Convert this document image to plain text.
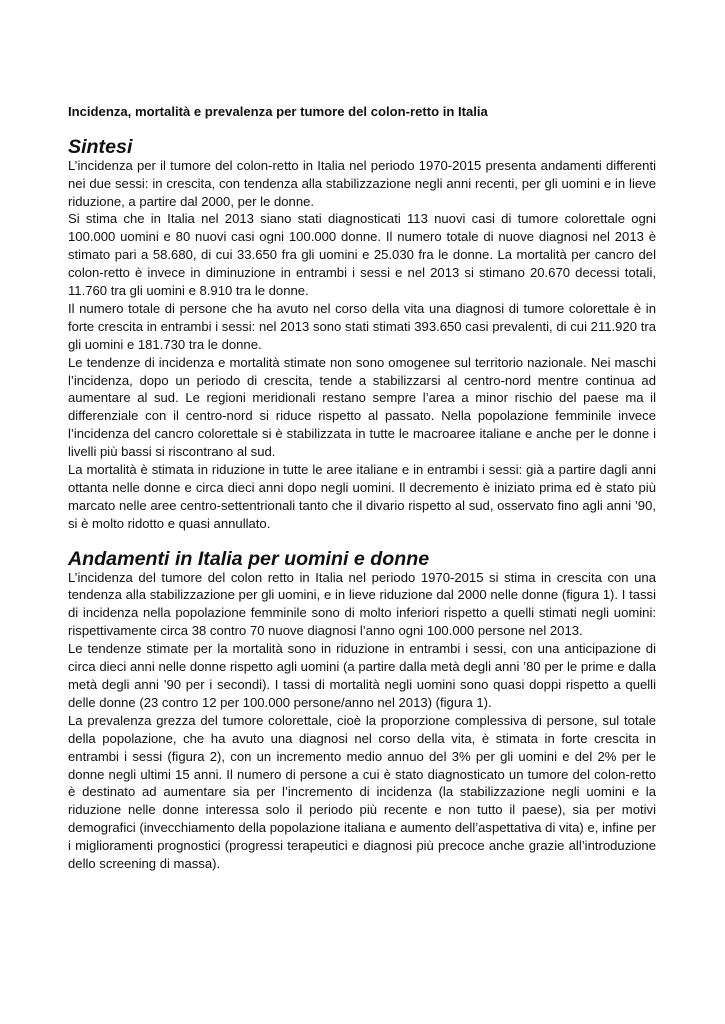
Incidenza, mortalità e prevalenza per tumore del colon-retto in Italia
Sintesi

L’incidenza per il tumore del colon-retto in Italia nel periodo 1970-2015 presenta andamenti differenti nei due sessi: in crescita, con tendenza alla stabilizzazione negli anni recenti, per gli uomini e in lieve riduzione, a partire dal 2000, per le donne.

Si stima che in Italia nel 2013 siano stati diagnosticati 113 nuovi casi di tumore colorettale ogni 100.000 uomini e 80 nuovi casi ogni 100.000 donne. Il numero totale di nuove diagnosi nel 2013 è stimato pari a 58.680, di cui 33.650 fra gli uomini e 25.030 fra le donne. La mortalità per cancro del colon-retto è invece in diminuzione in entrambi i sessi e nel 2013 si stimano 20.670 decessi totali, 11.760 tra gli uomini e 8.910 tra le donne.

Il numero totale di persone che ha avuto nel corso della vita una diagnosi di tumore colorettale è in forte crescita in entrambi i sessi: nel 2013 sono stati stimati 393.650 casi prevalenti, di cui 211.920 tra gli uomini e 181.730 tra le donne.

Le tendenze di incidenza e mortalità stimate non sono omogenee sul territorio nazionale. Nei maschi l’incidenza, dopo un periodo di crescita, tende a stabilizzarsi al centro-nord mentre continua ad aumentare al sud. Le regioni meridionali restano sempre l’area a minor rischio del paese ma il differenziale con il centro-nord si riduce rispetto al passato. Nella popolazione femminile invece l’incidenza del cancro colorettale si è stabilizzata in tutte le macroaree italiane e anche per le donne i livelli più bassi si riscontrano al sud.

La mortalità è stimata in riduzione in tutte le aree italiane e in entrambi i sessi: già a partire dagli anni ottanta nelle donne e circa dieci anni dopo negli uomini. Il decremento è iniziato prima ed è stato più marcato nelle aree centro-settentrionali tanto che il divario rispetto al sud, osservato fino agli anni ’90, si è molto ridotto e quasi annullato.

Andamenti in Italia per uomini e donne

L’incidenza del tumore del colon retto in Italia nel periodo 1970-2015 si stima in crescita con una tendenza alla stabilizzazione per gli uomini, e in lieve riduzione dal 2000 nelle donne (figura 1). I tassi di incidenza nella popolazione femminile sono di molto inferiori rispetto a quelli stimati negli uomini: rispettivamente circa 38 contro 70 nuove diagnosi l’anno ogni 100.000 persone nel 2013.

Le tendenze stimate per la mortalità sono in riduzione in entrambi i sessi, con una anticipazione di circa dieci anni nelle donne rispetto agli uomini (a partire dalla metà degli anni ’80 per le prime e dalla metà degli anni ’90 per i secondi). I tassi di mortalità negli uomini sono quasi doppi rispetto a quelli delle donne (23 contro 12 per 100.000 persone/anno nel 2013) (figura 1).

La prevalenza grezza del tumore colorettale, cioè la proporzione complessiva di persone, sul totale della popolazione, che ha avuto una diagnosi nel corso della vita, è stimata in forte crescita in entrambi i sessi (figura 2), con un incremento medio annuo del 3% per gli uomini e del 2% per le donne negli ultimi 15 anni. Il numero di persone a cui è stato diagnosticato un tumore del colon-retto è destinato ad aumentare sia per l’incremento di incidenza (la stabilizzazione negli uomini e la riduzione nelle donne interessa solo il periodo più recente e non tutto il paese), sia per motivi demografici (invecchiamento della popolazione italiana e aumento dell’aspettativa di vita) e, infine per i miglioramenti prognostici (progressi terapeutici e diagnosi più precoce anche grazie all’introduzione dello screening di massa).
